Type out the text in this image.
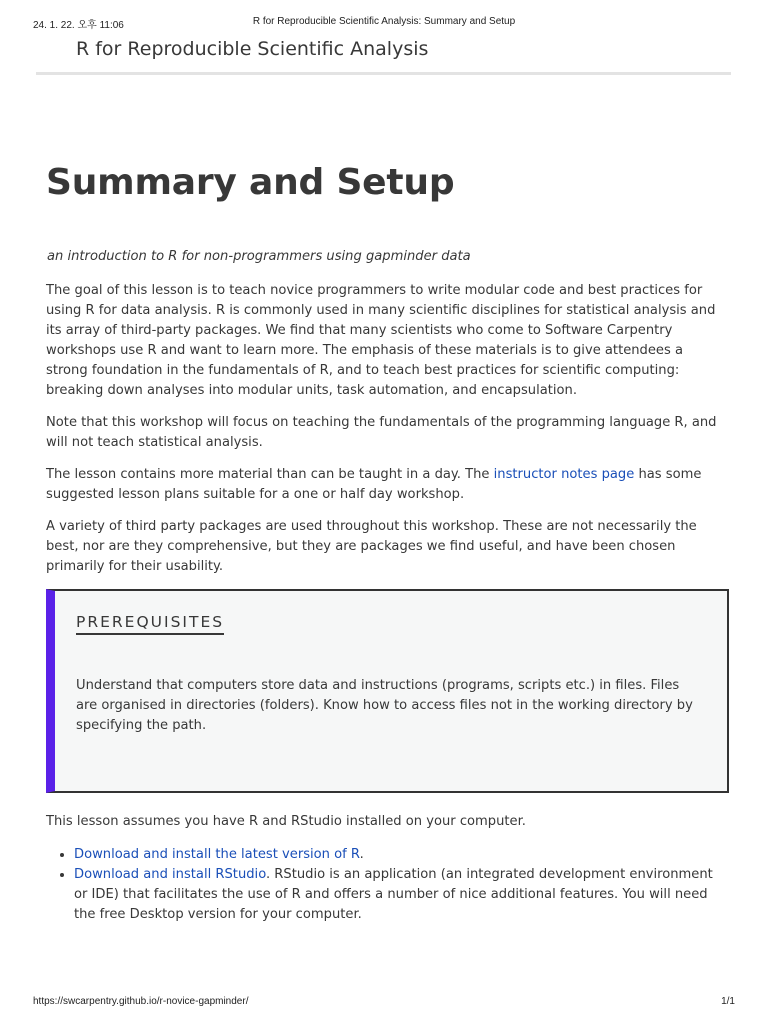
24. 1. 22. 오후 11:06	R for Reproducible Scientific Analysis: Summary and Setup
R for Reproducible Scientific Analysis
Summary and Setup

an introduction to R for non-programmers using gapminder data

The goal of this lesson is to teach novice programmers to write modular code and best practices for using R for data analysis. R is commonly used in many scientific disciplines for statistical analysis and its array of third-party packages. We find that many scientists who come to Software Carpentry workshops use R and want to learn more. The emphasis of these materials is to give attendees a strong foundation in the fundamentals of R, and to teach best practices for scientific computing: breaking down analyses into modular units, task automation, and encapsulation.

Note that this workshop will focus on teaching the fundamentals of the programming language R, and will not teach statistical analysis.

The lesson contains more material than can be taught in a day. The instructor notes page has some suggested lesson plans suitable for a one or half day workshop.

A variety of third party packages are used throughout this workshop. These are not necessarily the best, nor are they comprehensive, but they are packages we find useful, and have been chosen primarily for their usability.

PREREQUISITES
Understand that computers store data and instructions (programs, scripts etc.) in files. Files are organised in directories (folders). Know how to access files not in the working directory by specifying the path.
This lesson assumes you have R and RStudio installed on your computer.
• Download and install the latest version of R.
• Download and install RStudio. RStudio is an application (an integrated development environment or IDE) that facilitates the use of R and offers a number of nice additional features. You will need the free Desktop version for your computer.
https://swcarpentry.github.io/r-novice-gapminder/	1/1
